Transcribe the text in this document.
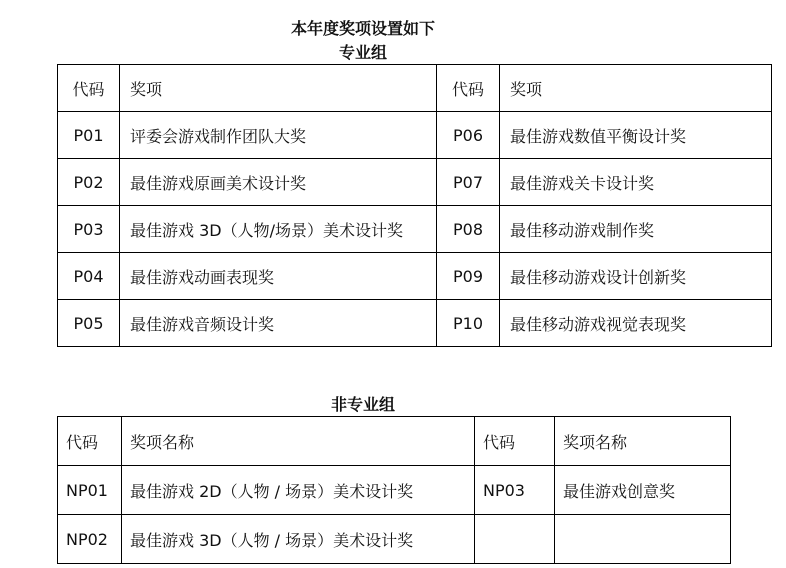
本年度奖项设置如下
专业组
代码	奖项	代码	奖项
P01	评委会游戏制作团队大奖	P06	最佳游戏数值平衡设计奖
P02	最佳游戏原画美术设计奖	P07	最佳游戏关卡设计奖
P03	最佳游戏 3D（人物/场景）美术设计奖	P08	最佳移动游戏制作奖
P04	最佳游戏动画表现奖	P09	最佳移动游戏设计创新奖
P05	最佳游戏音频设计奖	P10	最佳移动游戏视觉表现奖
非专业组
代码	奖项名称	代码	奖项名称
NP01	最佳游戏 2D（人物 / 场景）美术设计奖	NP03	最佳游戏创意奖
NP02	最佳游戏 3D（人物 / 场景）美术设计奖		
